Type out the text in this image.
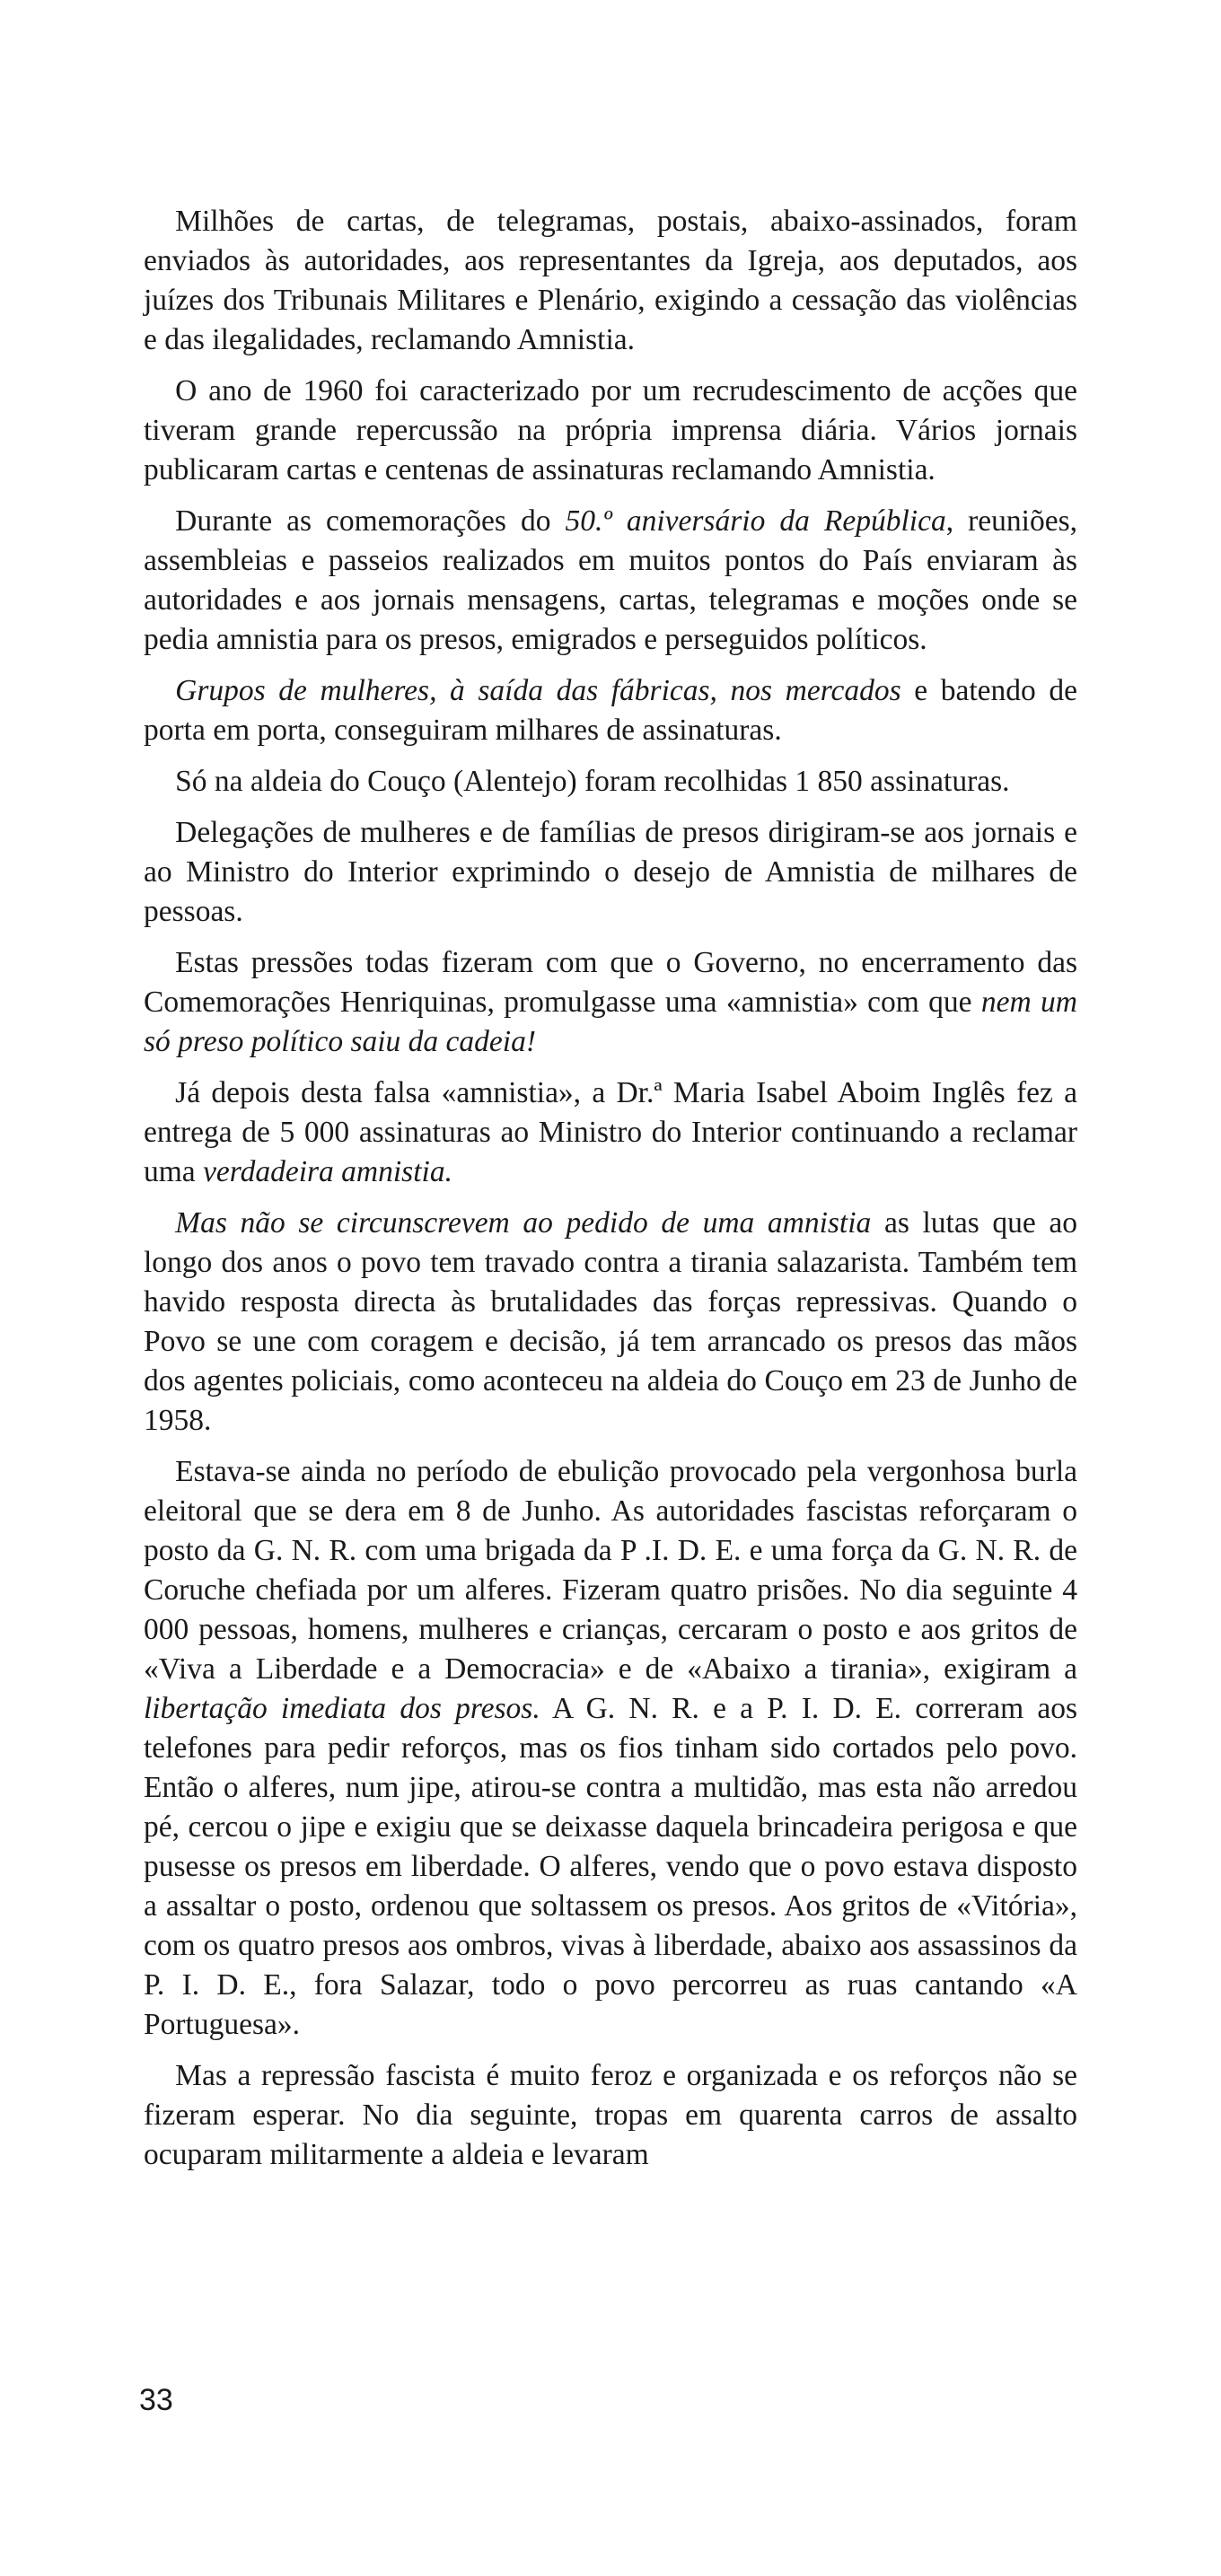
Milhões de cartas, de telegramas, postais, abaixo-assinados, foram enviados às autoridades, aos representantes da Igreja, aos deputados, aos juízes dos Tribunais Militares e Plenário, exigindo a cessação das violências e das ilegalidades, reclamando Amnistia.

O ano de 1960 foi caracterizado por um recrudescimento de acções que tiveram grande repercussão na própria imprensa diária. Vários jornais publicaram cartas e centenas de assinaturas reclamando Amnistia.

Durante as comemorações do 50.º aniversário da República, reuniões, assembleias e passeios realizados em muitos pontos do País enviaram às autoridades e aos jornais mensagens, cartas, telegramas e moções onde se pedia amnistia para os presos, emigrados e perseguidos políticos.

Grupos de mulheres, à saída das fábricas, nos mercados e batendo de porta em porta, conseguiram milhares de assinaturas.

Só na aldeia do Couço (Alentejo) foram recolhidas 1 850 assinaturas.

Delegações de mulheres e de famílias de presos dirigiram-se aos jornais e ao Ministro do Interior exprimindo o desejo de Amnistia de milhares de pessoas.

Estas pressões todas fizeram com que o Governo, no encerramento das Comemorações Henriquinas, promulgasse uma «amnistia» com que nem um só preso político saiu da cadeia!

Já depois desta falsa «amnistia», a Dr.ª Maria Isabel Aboim Inglês fez a entrega de 5 000 assinaturas ao Ministro do Interior continuando a reclamar uma verdadeira amnistia.

Mas não se circunscrevem ao pedido de uma amnistia as lutas que ao longo dos anos o povo tem travado contra a tirania salazarista. Também tem havido resposta directa às brutalidades das forças repressivas. Quando o Povo se une com coragem e decisão, já tem arrancado os presos das mãos dos agentes policiais, como aconteceu na aldeia do Couço em 23 de Junho de 1958.

Estava-se ainda no período de ebulição provocado pela vergonhosa burla eleitoral que se dera em 8 de Junho. As autoridades fascistas reforçaram o posto da G. N. R. com uma brigada da P .I. D. E. e uma força da G. N. R. de Coruche chefiada por um alferes. Fizeram quatro prisões. No dia seguinte 4 000 pessoas, homens, mulheres e crianças, cercaram o posto e aos gritos de «Viva a Liberdade e a Democracia» e de «Abaixo a tirania», exigiram a libertação imediata dos presos. A G. N. R. e a P. I. D. E. correram aos telefones para pedir reforços, mas os fios tinham sido cortados pelo povo. Então o alferes, num jipe, atirou-se contra a multidão, mas esta não arredou pé, cercou o jipe e exigiu que se deixasse daquela brincadeira perigosa e que pusesse os presos em liberdade. O alferes, vendo que o povo estava disposto a assaltar o posto, ordenou que soltassem os presos. Aos gritos de «Vitória», com os quatro presos aos ombros, vivas à liberdade, abaixo aos assassinos da P. I. D. E., fora Salazar, todo o povo percorreu as ruas cantando «A Portuguesa».

Mas a repressão fascista é muito feroz e organizada e os reforços não se fizeram esperar. No dia seguinte, tropas em quarenta carros de assalto ocuparam militarmente a aldeia e levaram

33
